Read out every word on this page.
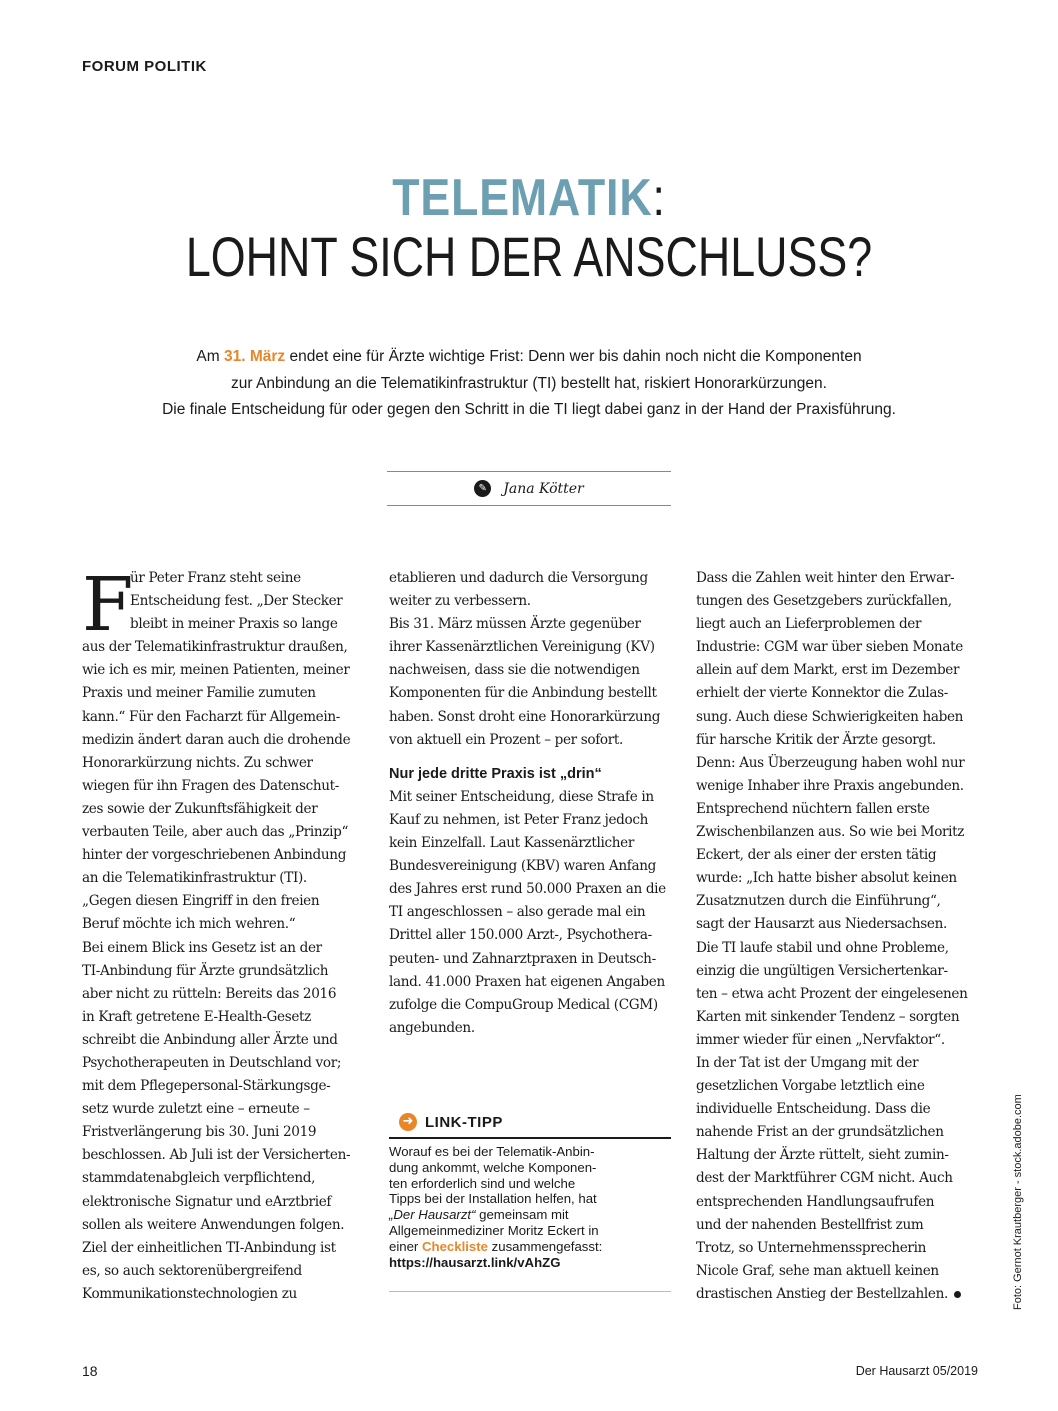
FORUM POLITIK
TELEMATIK:
LOHNT SICH DER ANSCHLUSS?
Am 31. März endet eine für Ärzte wichtige Frist: Denn wer bis dahin noch nicht die Komponenten
zur Anbindung an die Telematikinfrastruktur (TI) bestellt hat, riskiert Honorarkürzungen.
Die finale Entscheidung für oder gegen den Schritt in die TI liegt dabei ganz in der Hand der Praxisführung.
✎	Jana Kötter
F
ür Peter Franz steht seine
Entscheidung fest. „Der Stecker
bleibt in meiner Praxis so lange
aus der Telematikinfrastruktur draußen,
wie ich es mir, meinen Patienten, meiner
Praxis und meiner Familie zumuten
kann.“ Für den Facharzt für Allgemein-
medizin ändert daran auch die drohende
Honorarkürzung nichts. Zu schwer
wiegen für ihn Fragen des Datenschut-
zes sowie der Zukunftsfähigkeit der
verbauten Teile, aber auch das „Prinzip“
hinter der vorgeschriebenen Anbindung
an die Telematikinfrastruktur (TI).
„Gegen diesen Eingriff in den freien
Beruf möchte ich mich wehren.“
Bei einem Blick ins Gesetz ist an der
TI-Anbindung für Ärzte grundsätzlich
aber nicht zu rütteln: Bereits das 2016
in Kraft getretene E-Health-Gesetz
schreibt die Anbindung aller Ärzte und
Psychotherapeuten in Deutschland vor;
mit dem Pflegepersonal-Stärkungsge-
setz wurde zuletzt eine – erneute –
Fristverlängerung bis 30. Juni 2019
beschlossen. Ab Juli ist der Versicherten-
stammdatenabgleich verpflichtend,
elektronische Signatur und eArztbrief
sollen als weitere Anwendungen folgen.
Ziel der einheitlichen TI-Anbindung ist
es, so auch sektorenübergreifend
Kommunikationstechnologien zu
etablieren und dadurch die Versorgung
weiter zu verbessern.
Bis 31. März müssen Ärzte gegenüber
ihrer Kassenärztlichen Vereinigung (KV)
nachweisen, dass sie die notwendigen
Komponenten für die Anbindung bestellt
haben. Sonst droht eine Honorarkürzung
von aktuell ein Prozent – per sofort.
Nur jede dritte Praxis ist „drin“
Mit seiner Entscheidung, diese Strafe in
Kauf zu nehmen, ist Peter Franz jedoch
kein Einzelfall. Laut Kassenärztlicher
Bundesvereinigung (KBV) waren Anfang
des Jahres erst rund 50.000 Praxen an die
TI angeschlossen – also gerade mal ein
Drittel aller 150.000 Arzt-, Psychothera-
peuten- und Zahnarztpraxen in Deutsch-
land. 41.000 Praxen hat eigenen Angaben
zufolge die CompuGroup Medical (CGM)
angebunden.
➜ LINK-TIPP
Worauf es bei der Telematik-Anbin-
dung ankommt, welche Komponen-
ten erforderlich sind und welche
Tipps bei der Installation helfen, hat
„Der Hausarzt“ gemeinsam mit
Allgemeinmediziner Moritz Eckert in
einer Checkliste zusammengefasst:
https://hausarzt.link/vAhZG
Dass die Zahlen weit hinter den Erwar-
tungen des Gesetzgebers zurückfallen,
liegt auch an Lieferproblemen der
Industrie: CGM war über sieben Monate
allein auf dem Markt, erst im Dezember
erhielt der vierte Konnektor die Zulas-
sung. Auch diese Schwierigkeiten haben
für harsche Kritik der Ärzte gesorgt.
Denn: Aus Überzeugung haben wohl nur
wenige Inhaber ihre Praxis angebunden.
Entsprechend nüchtern fallen erste
Zwischenbilanzen aus. So wie bei Moritz
Eckert, der als einer der ersten tätig
wurde: „Ich hatte bisher absolut keinen
Zusatznutzen durch die Einführung“,
sagt der Hausarzt aus Niedersachsen.
Die TI laufe stabil und ohne Probleme,
einzig die ungültigen Versichertenkar-
ten – etwa acht Prozent der eingelesenen
Karten mit sinkender Tendenz – sorgten
immer wieder für einen „Nervfaktor“.
In der Tat ist der Umgang mit der
gesetzlichen Vorgabe letztlich eine
individuelle Entscheidung. Dass die
nahende Frist an der grundsätzlichen
Haltung der Ärzte rüttelt, sieht zumin-
dest der Marktführer CGM nicht. Auch
entsprechenden Handlungsaufrufen
und der nahenden Bestellfrist zum
Trotz, so Unternehmenssprecherin
Nicole Graf, sehe man aktuell keinen
drastischen Anstieg der Bestellzahlen.	Foto: Gernot Krautberger - stock.adobe.com
18	Der Hausarzt 05/2019
